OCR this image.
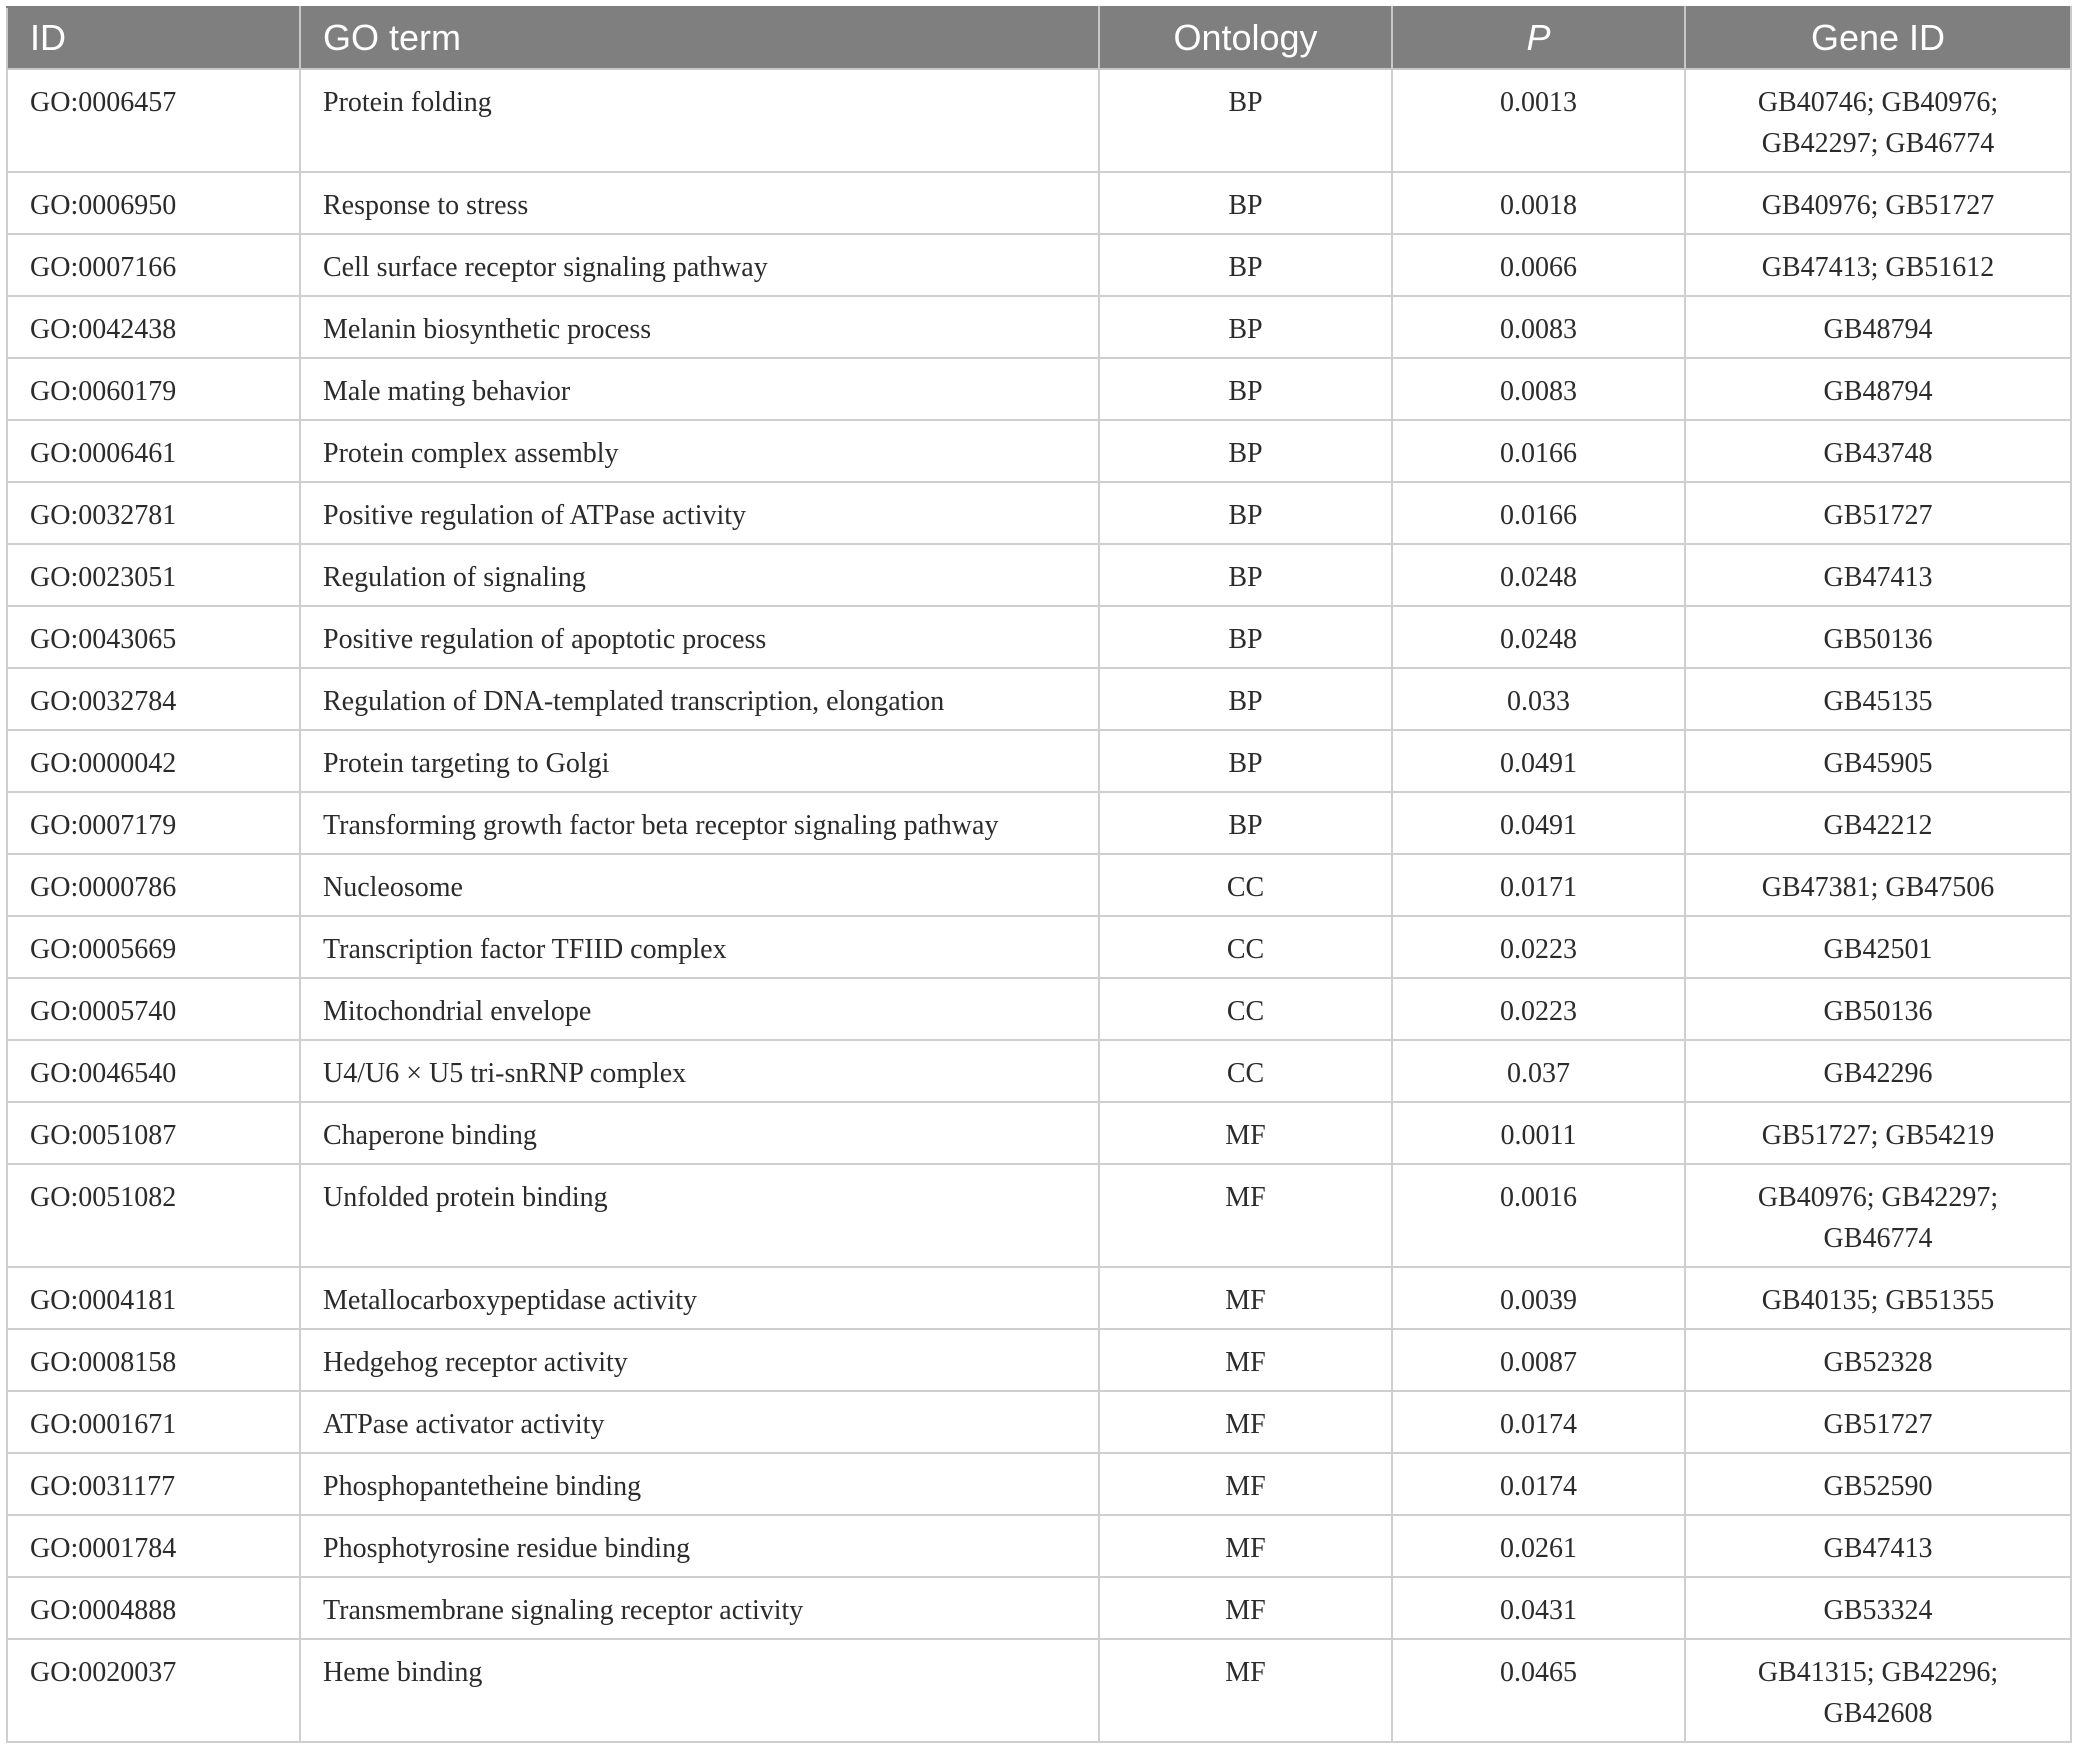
ID	GO term	Ontology	P	Gene ID
GO:0006457	Protein folding	BP	0.0013	GB40746; GB40976; GB42297; GB46774
GO:0006950	Response to stress	BP	0.0018	GB40976; GB51727
GO:0007166	Cell surface receptor signaling pathway	BP	0.0066	GB47413; GB51612
GO:0042438	Melanin biosynthetic process	BP	0.0083	GB48794
GO:0060179	Male mating behavior	BP	0.0083	GB48794
GO:0006461	Protein complex assembly	BP	0.0166	GB43748
GO:0032781	Positive regulation of ATPase activity	BP	0.0166	GB51727
GO:0023051	Regulation of signaling	BP	0.0248	GB47413
GO:0043065	Positive regulation of apoptotic process	BP	0.0248	GB50136
GO:0032784	Regulation of DNA-templated transcription, elongation	BP	0.033	GB45135
GO:0000042	Protein targeting to Golgi	BP	0.0491	GB45905
GO:0007179	Transforming growth factor beta receptor signaling pathway	BP	0.0491	GB42212
GO:0000786	Nucleosome	CC	0.0171	GB47381; GB47506
GO:0005669	Transcription factor TFIID complex	CC	0.0223	GB42501
GO:0005740	Mitochondrial envelope	CC	0.0223	GB50136
GO:0046540	U4/U6 × U5 tri-snRNP complex	CC	0.037	GB42296
GO:0051087	Chaperone binding	MF	0.0011	GB51727; GB54219
GO:0051082	Unfolded protein binding	MF	0.0016	GB40976; GB42297; GB46774
GO:0004181	Metallocarboxypeptidase activity	MF	0.0039	GB40135; GB51355
GO:0008158	Hedgehog receptor activity	MF	0.0087	GB52328
GO:0001671	ATPase activator activity	MF	0.0174	GB51727
GO:0031177	Phosphopantetheine binding	MF	0.0174	GB52590
GO:0001784	Phosphotyrosine residue binding	MF	0.0261	GB47413
GO:0004888	Transmembrane signaling receptor activity	MF	0.0431	GB53324
GO:0020037	Heme binding	MF	0.0465	GB41315; GB42296; GB42608
